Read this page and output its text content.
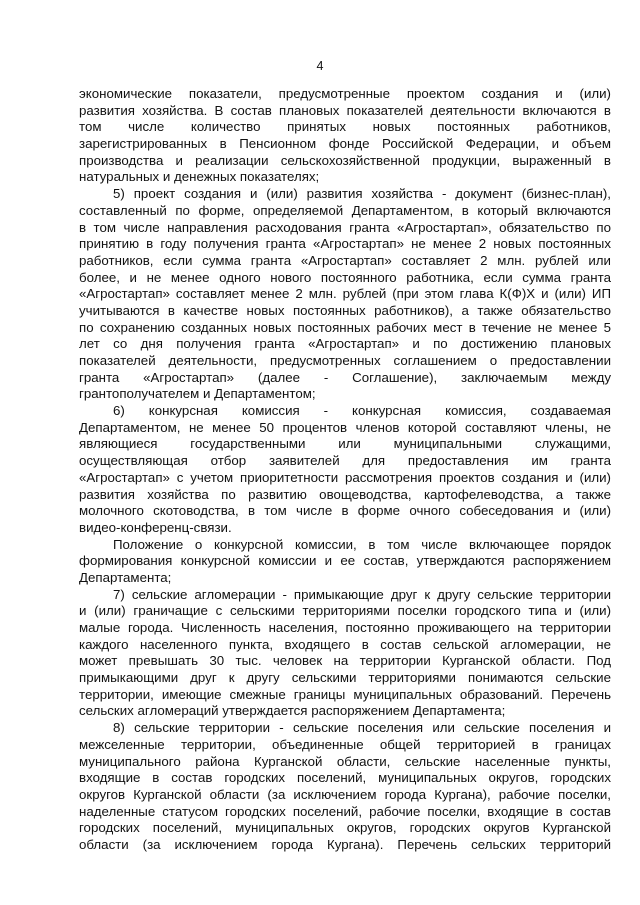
4
экономические показатели, предусмотренные проектом создания и (или)
развития хозяйства. В состав плановых показателей деятельности включаются в
том числе количество принятых новых постоянных работников,
зарегистрированных в Пенсионном фонде Российской Федерации, и объем
производства и реализации сельскохозяйственной продукции, выраженный в
натуральных и денежных показателях;
5) проект создания и (или) развития хозяйства - документ (бизнес-план),
составленный по форме, определяемой Департаментом, в который включаются
в том числе направления расходования гранта «Агростартап», обязательство по
принятию в году получения гранта «Агростартап» не менее 2 новых постоянных
работников, если сумма гранта «Агростартап» составляет 2 млн. рублей или
более, и не менее одного нового постоянного работника, если сумма гранта
«Агростартап» составляет менее 2 млн. рублей (при этом глава К(Ф)Х и (или) ИП
учитываются в качестве новых постоянных работников), а также обязательство
по сохранению созданных новых постоянных рабочих мест в течение не менее 5
лет со дня получения гранта «Агростартап» и по достижению плановых
показателей деятельности, предусмотренных соглашением о предоставлении
гранта «Агростартап» (далее - Соглашение), заключаемым между
грантополучателем и Департаментом;
6) конкурсная комиссия - конкурсная комиссия, создаваемая
Департаментом, не менее 50 процентов членов которой составляют члены, не
являющиеся государственными или муниципальными служащими,
осуществляющая отбор заявителей для предоставления им гранта
«Агростартап» с учетом приоритетности рассмотрения проектов создания и (или)
развития хозяйства по развитию овощеводства, картофелеводства, а также
молочного скотоводства, в том числе в форме очного собеседования и (или)
видео-конференц-связи.
Положение о конкурсной комиссии, в том числе включающее порядок
формирования конкурсной комиссии и ее состав, утверждаются распоряжением
Департамента;
7) сельские агломерации - примыкающие друг к другу сельские территории
и (или) граничащие с сельскими территориями поселки городского типа и (или)
малые города. Численность населения, постоянно проживающего на территории
каждого населенного пункта, входящего в состав сельской агломерации, не
может превышать 30 тыс. человек на территории Курганской области. Под
примыкающими друг к другу сельскими территориями понимаются сельские
территории, имеющие смежные границы муниципальных образований. Перечень
сельских агломераций утверждается распоряжением Департамента;
8) сельские территории - сельские поселения или сельские поселения и
межселенные территории, объединенные общей территорией в границах
муниципального района Курганской области, сельские населенные пункты,
входящие в состав городских поселений, муниципальных округов, городских
округов Курганской области (за исключением города Кургана), рабочие поселки,
наделенные статусом городских поселений, рабочие поселки, входящие в состав
городских поселений, муниципальных округов, городских округов Курганской
области (за исключением города Кургана). Перечень сельских территорий
